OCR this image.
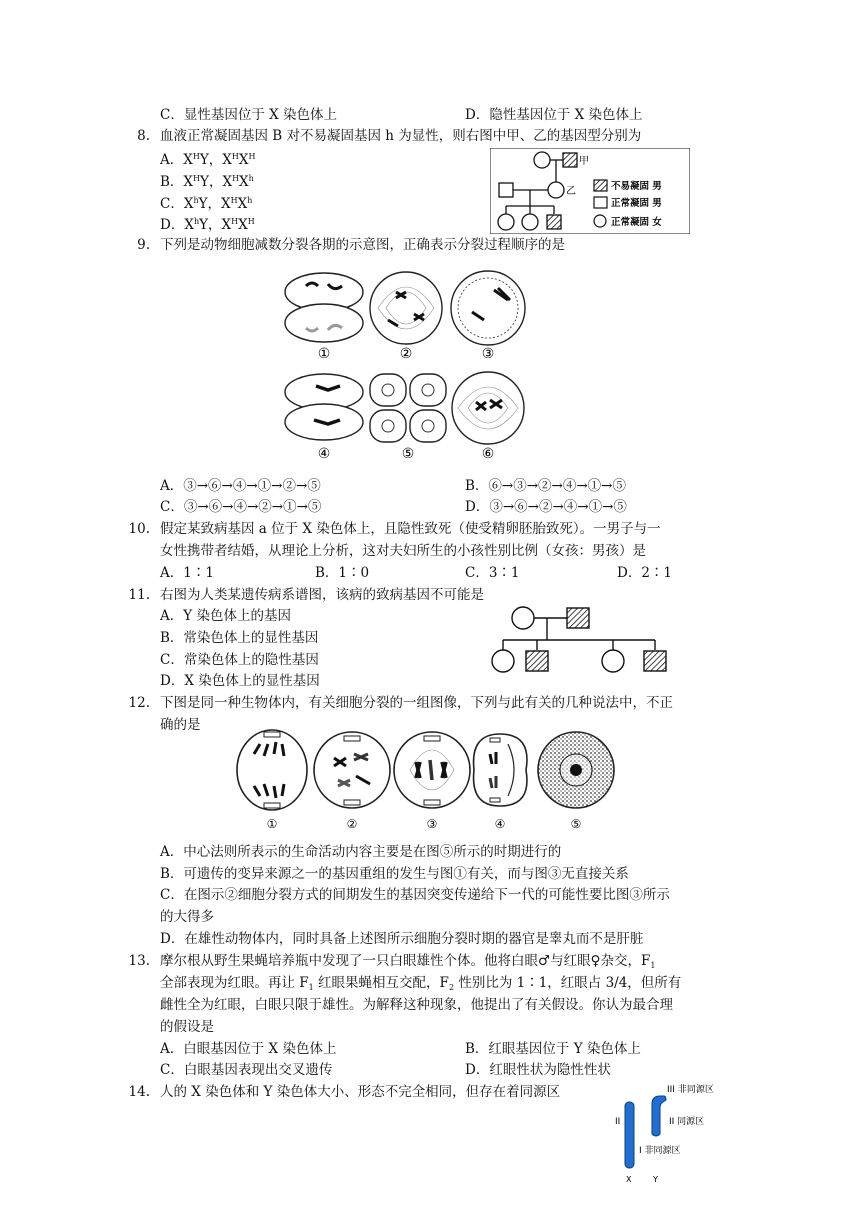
C．显性基因位于 X 染色体上	D．隐性基因位于 X 染色体上
8. 血液正常凝固基因 B 对不易凝固基因 h 为显性，则右图中甲、乙的基因型分别为
A．$X^HY$，$X^HX^H$
B．$X^HY$，$X^HX^h$
C．$X^hY$，$X^HX^h$
D．$X^hY$，$X^HX^H$
甲
乙	不易凝固 男
正常凝固 男
正常凝固 女
9. 下列是动物细胞减数分裂各期的示意图，正确表示分裂过程顺序的是
①	②	③
④	⑤	⑥
A．③→⑥→④→①→②→⑤	B．⑥→③→②→④→①→⑤
C．③→⑥→④→②→①→⑤	D．③→⑥→②→④→①→⑤
10. 假定某致病基因 a 位于 X 染色体上，且隐性致死（使受精卵胚胎致死）。一男子与一
女性携带者结婚，从理论上分析，这对夫妇所生的小孩性别比例（女孩：男孩）是
A．1∶1	B．1∶0	C．3∶1	D．2∶1
11. 右图为人类某遗传病系谱图，该病的致病基因不可能是
A．Y 染色体上的基因
B．常染色体上的显性基因
C．常染色体上的隐性基因
D．X 染色体上的显性基因
12. 下图是同一种生物体内，有关细胞分裂的一组图像，下列与此有关的几种说法中，不正
确的是
①	②	③	④	⑤
A．中心法则所表示的生命活动内容主要是在图⑤所示的时期进行的
B．可遗传的变异来源之一的基因重组的发生与图①有关，而与图③无直接关系
C．在图示②细胞分裂方式的间期发生的基因突变传递给下一代的可能性要比图③所示
的大得多
D．在雄性动物体内，同时具备上述图所示细胞分裂时期的器官是睾丸而不是肝脏
13. 摩尔根从野生果蝇培养瓶中发现了一只白眼雄性个体。他将白眼♂与红眼♀杂交，$F_1$
全部表现为红眼。再让 $F_1$ 红眼果蝇相互交配，$F_2$ 性别比为 1∶1，红眼占 3/4，但所有
雌性全为红眼，白眼只限于雄性。为解释这种现象，他提出了有关假设。你认为最合理
的假设是
A．白眼基因位于 X 染色体上	B．红眼基因位于 Y 染色体上
C．白眼基因表现出交叉遗传	D．红眼性状为隐性性状
14. 人的 X 染色体和 Y 染色体大小、形态不完全相同，但存在着同源区	III 非同源区
II 同源区
II
I 非同源区
X	Y
